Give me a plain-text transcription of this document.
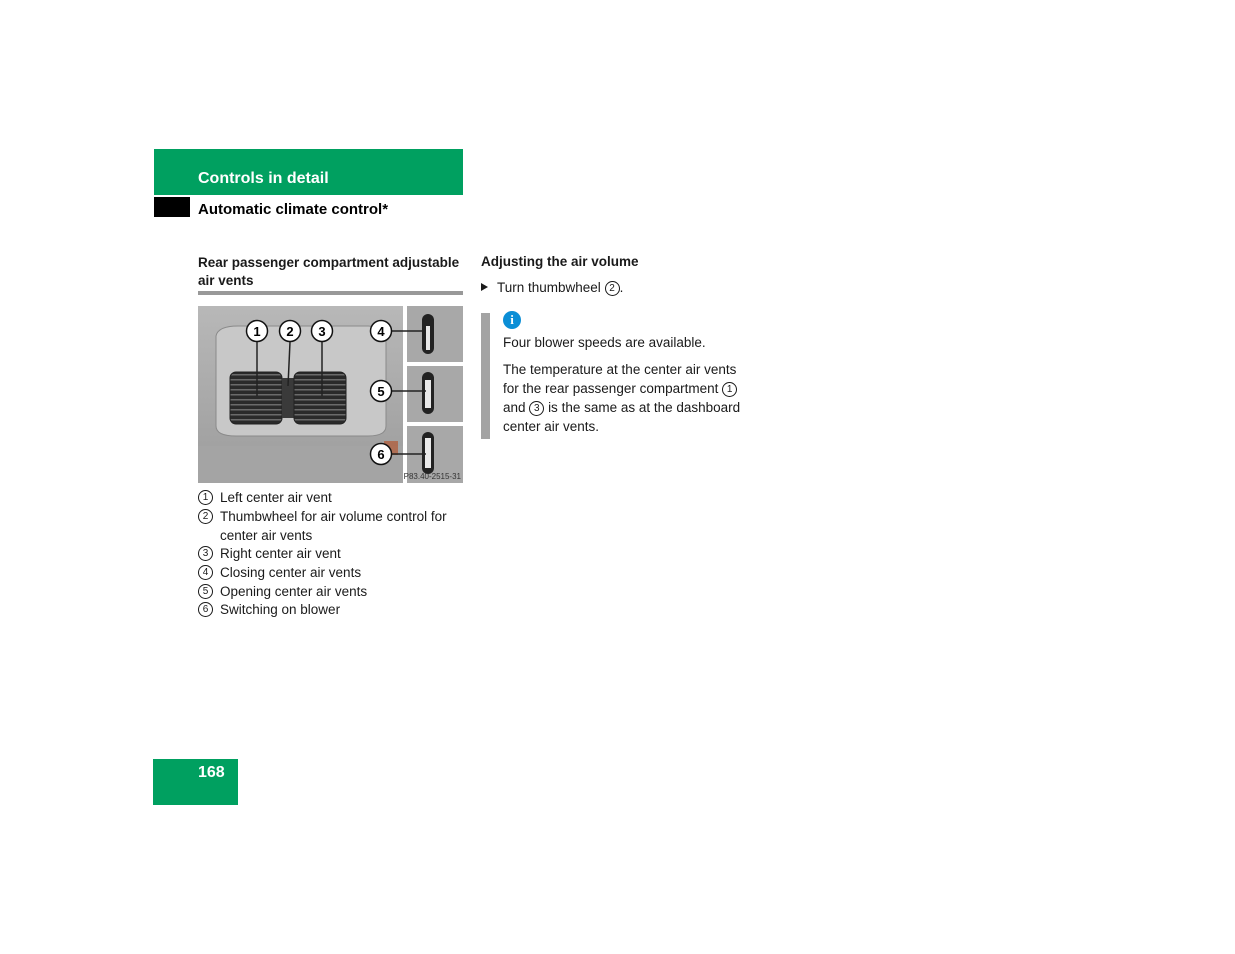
Controls in detail
Automatic climate control*
Rear passenger compartment adjustable air vents
1 2 3	4
5
6
P83.40-2515-31
1 Left center air vent
2 Thumbwheel for air volume control for center air vents
3 Right center air vent
4 Closing center air vents
5 Opening center air vents
6 Switching on blower
Adjusting the air volume
Turn thumbwheel 2 .
i
Four blower speeds are available.
The temperature at the center air vents for the rear passenger compartment 1 and 3 is the same as at the dashboard center air vents.
168
